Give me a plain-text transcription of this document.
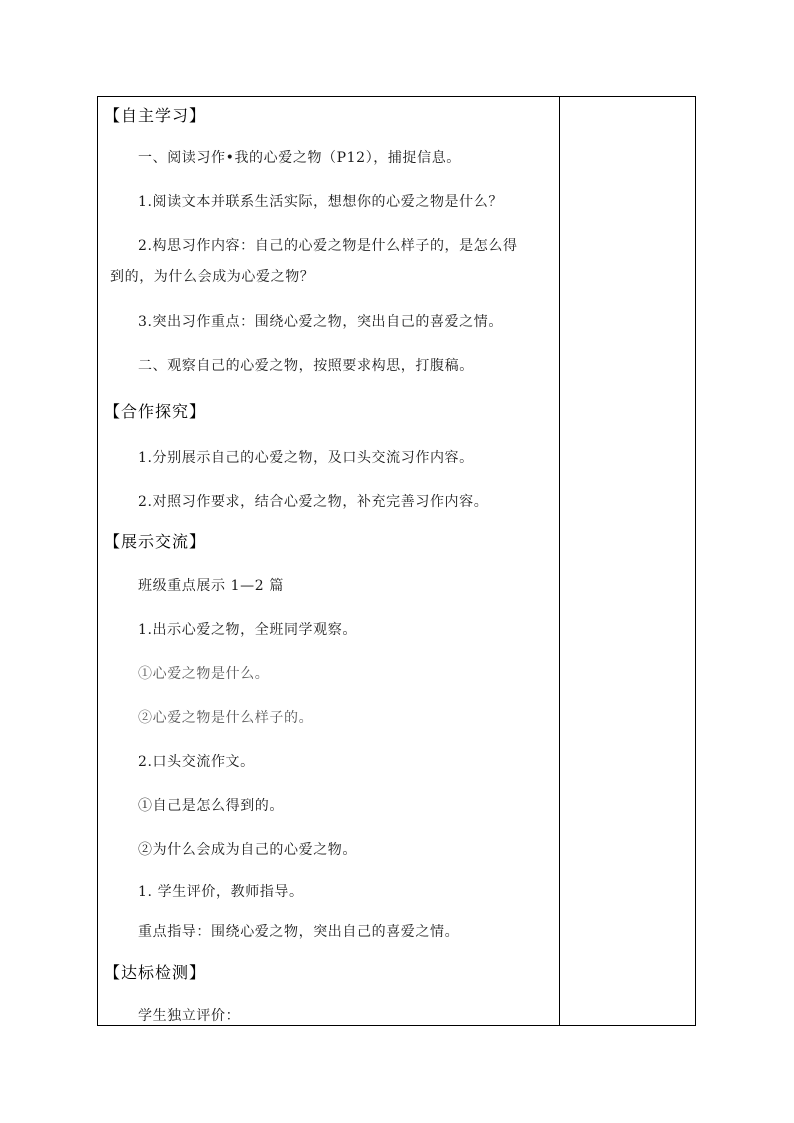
【自主学习】
一、阅读习作•我的心爱之物（P12），捕捉信息。
1.阅读文本并联系生活实际，想想你的心爱之物是什么？
2.构思习作内容：自己的心爱之物是什么样子的，是怎么得
到的，为什么会成为心爱之物？
3.突出习作重点：围绕心爱之物，突出自己的喜爱之情。
二、观察自己的心爱之物，按照要求构思，打腹稿。
【合作探究】
1.分别展示自己的心爱之物，及口头交流习作内容。
2.对照习作要求，结合心爱之物，补充完善习作内容。
【展示交流】
班级重点展示 1—2 篇
1.出示心爱之物，全班同学观察。
①心爱之物是什么。
②心爱之物是什么样子的。
2.口头交流作文。
①自己是怎么得到的。
②为什么会成为自己的心爱之物。
1. 学生评价，教师指导。
重点指导：围绕心爱之物，突出自己的喜爱之情。
【达标检测】
学生独立评价：
